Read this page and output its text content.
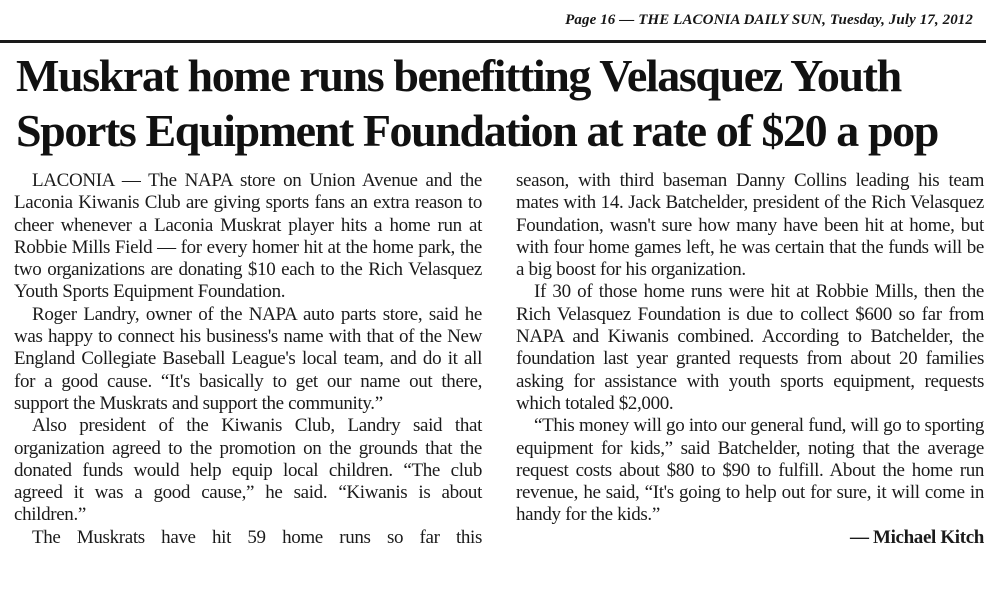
Page 16 — THE LACONIA DAILY SUN, Tuesday, July 17, 2012
Muskrat home runs benefitting Velasquez Youth
Sports Equipment Foundation at rate of $20 a pop

LACONIA — The NAPA store on Union Avenue and the Laconia Kiwanis Club are giving sports fans an extra reason to cheer whenever a Laconia Muskrat player hits a home run at Robbie Mills Field — for every homer hit at the home park, the two organizations are donating $10 each to the Rich Velasquez Youth Sports Equipment Foundation.

Roger Landry, owner of the NAPA auto parts store, said he was happy to connect his business's name with that of the New England Collegiate Baseball League's local team, and do it all for a good cause. “It's basically to get our name out there, support the Muskrats and support the community.”

Also president of the Kiwanis Club, Landry said that organization agreed to the promotion on the grounds that the donated funds would help equip local children. “The club agreed it was a good cause,” he said. “Kiwanis is about children.”

The Muskrats have hit 59 home runs so far this

season, with third baseman Danny Collins leading his team mates with 14. Jack Batchelder, president of the Rich Velasquez Foundation, wasn't sure how many have been hit at home, but with four home games left, he was certain that the funds will be a big boost for his organization.

If 30 of those home runs were hit at Robbie Mills, then the Rich Velasquez Foundation is due to collect $600 so far from NAPA and Kiwanis combined. According to Batchelder, the foundation last year granted requests from about 20 families asking for assistance with youth sports equipment, requests which totaled $2,000.

“This money will go into our general fund, will go to sporting equipment for kids,” said Batchelder, noting that the average request costs about $80 to $90 to fulfill. About the home run revenue, he said, “It's going to help out for sure, it will come in handy for the kids.”

— Michael Kitch
